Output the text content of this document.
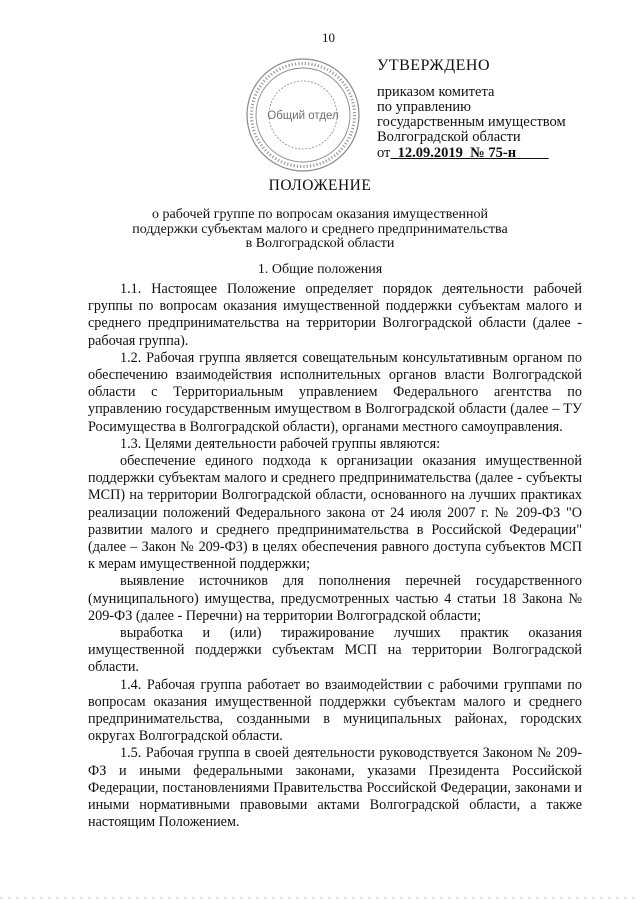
10
Общий отдел
УТВЕРЖДЕНО
приказом комитета
по управлению
государственным имуществом
Волгоградской области
от 12.09.2019 № 75-н
ПОЛОЖЕНИЕ
о рабочей группе по вопросам оказания имущественной
поддержки субъектам малого и среднего предпринимательства
в Волгоградской области
1. Общие положения

1.1. Настоящее Положение определяет порядок деятельности рабочей группы по вопросам оказания имущественной поддержки субъектам малого и среднего предпринимательства на территории Волгоградской области (далее - рабочая группа).

1.2. Рабочая группа является совещательным консультативным органом по обеспечению взаимодействия исполнительных органов власти Волгоградской области с Территориальным управлением Федерального агентства по управлению государственным имуществом в Волгоградской области (далее – ТУ Росимущества в Волгоградской области), органами местного самоуправления.

1.3. Целями деятельности рабочей группы являются:

обеспечение единого подхода к организации оказания имущественной поддержки субъектам малого и среднего предпринимательства (далее - субъекты МСП) на территории Волгоградской области, основанного на лучших практиках реализации положений Федерального закона от 24 июля 2007 г. № 209-ФЗ "О развитии малого и среднего предпринимательства в Российской Федерации" (далее – Закон № 209-ФЗ) в целях обеспечения равного доступа субъектов МСП к мерам имущественной поддержки;

выявление источников для пополнения перечней государственного (муниципального) имущества, предусмотренных частью 4 статьи 18 Закона № 209-ФЗ (далее - Перечни) на территории Волгоградской области;

выработка и (или) тиражирование лучших практик оказания имущественной поддержки субъектам МСП на территории Волгоградской области.

1.4. Рабочая группа работает во взаимодействии с рабочими группами по вопросам оказания имущественной поддержки субъектам малого и среднего предпринимательства, созданными в муниципальных районах, городских округах Волгоградской области.

1.5. Рабочая группа в своей деятельности руководствуется Законом № 209-ФЗ и иными федеральными законами, указами Президента Российской Федерации, постановлениями Правительства Российской Федерации, законами и иными нормативными правовыми актами Волгоградской области, а также настоящим Положением.
